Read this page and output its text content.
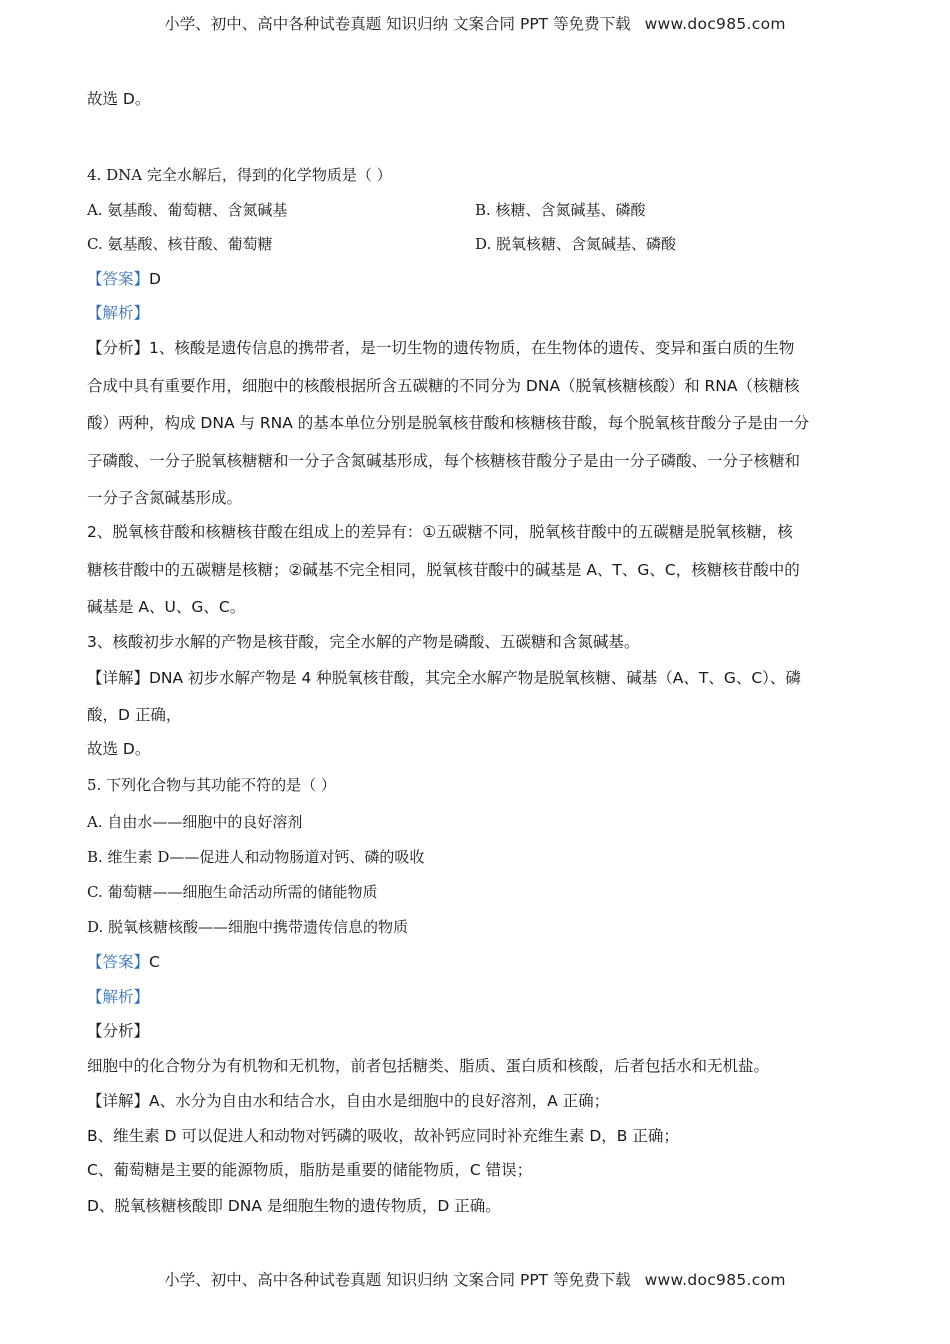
小学、初中、高中各种试卷真题 知识归纳 文案合同 PPT 等免费下载 www.doc985.com
故选 D。
4. DNA 完全水解后，得到的化学物质是（ ）
A. 氨基酸、葡萄糖、含氮碱基	B. 核糖、含氮碱基、磷酸
C. 氨基酸、核苷酸、葡萄糖	D. 脱氧核糖、含氮碱基、磷酸
【答案】D
【解析】
【分析】1、核酸是遗传信息的携带者，是一切生物的遗传物质，在生物体的遗传、变异和蛋白质的生物
合成中具有重要作用，细胞中的核酸根据所含五碳糖的不同分为 DNA（脱氧核糖核酸）和 RNA（核糖核
酸）两种，构成 DNA 与 RNA 的基本单位分别是脱氧核苷酸和核糖核苷酸，每个脱氧核苷酸分子是由一分
子磷酸、一分子脱氧核糖糖和一分子含氮碱基形成，每个核糖核苷酸分子是由一分子磷酸、一分子核糖和
一分子含氮碱基形成。
2、脱氧核苷酸和核糖核苷酸在组成上的差异有：①五碳糖不同，脱氧核苷酸中的五碳糖是脱氧核糖，核
糖核苷酸中的五碳糖是核糖；②碱基不完全相同，脱氧核苷酸中的碱基是 A、T、G、C，核糖核苷酸中的
碱基是 A、U、G、C。
3、核酸初步水解的产物是核苷酸，完全水解的产物是磷酸、五碳糖和含氮碱基。
【详解】DNA 初步水解产物是 4 种脱氧核苷酸，其完全水解产物是脱氧核糖、碱基（A、T、G、C）、磷
酸，D 正确，
故选 D。
5. 下列化合物与其功能不符的是（ ）
A. 自由水——细胞中的良好溶剂
B. 维生素 D——促进人和动物肠道对钙、磷的吸收
C. 葡萄糖——细胞生命活动所需的储能物质
D. 脱氧核糖核酸——细胞中携带遗传信息的物质
【答案】C
【解析】
【分析】
细胞中的化合物分为有机物和无机物，前者包括糖类、脂质、蛋白质和核酸，后者包括水和无机盐。
【详解】A、水分为自由水和结合水，自由水是细胞中的良好溶剂，A 正确；
B、维生素 D 可以促进人和动物对钙磷的吸收，故补钙应同时补充维生素 D，B 正确；
C、葡萄糖是主要的能源物质，脂肪是重要的储能物质，C 错误；
D、脱氧核糖核酸即 DNA 是细胞生物的遗传物质，D 正确。
小学、初中、高中各种试卷真题 知识归纳 文案合同 PPT 等免费下载 www.doc985.com
